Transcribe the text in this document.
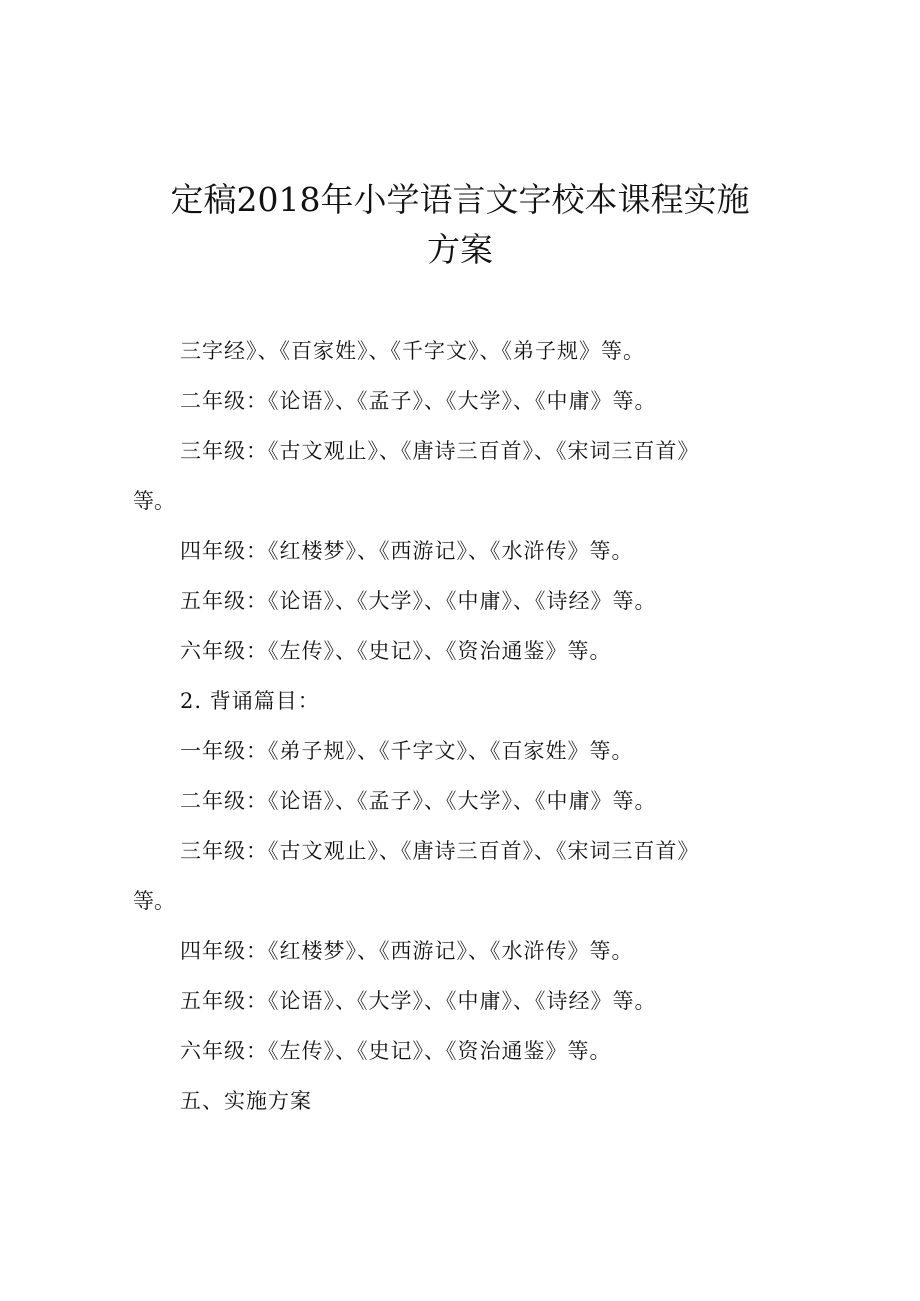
定稿2018年小学语言文字校本课程实施
方案
三字经》、《百家姓》、《千字文》、《弟子规》等。
二年级：《论语》、《孟子》、《大学》、《中庸》等。
三年级：《古文观止》、《唐诗三百首》、《宋词三百首》
等。
四年级：《红楼梦》、《西游记》、《水浒传》等。
五年级：《论语》、《大学》、《中庸》、《诗经》等。
六年级：《左传》、《史记》、《资治通鉴》等。
2. 背诵篇目：
一年级：《弟子规》、《千字文》、《百家姓》等。
二年级：《论语》、《孟子》、《大学》、《中庸》等。
三年级：《古文观止》、《唐诗三百首》、《宋词三百首》
等。
四年级：《红楼梦》、《西游记》、《水浒传》等。
五年级：《论语》、《大学》、《中庸》、《诗经》等。
六年级：《左传》、《史记》、《资治通鉴》等。
五、实施方案
